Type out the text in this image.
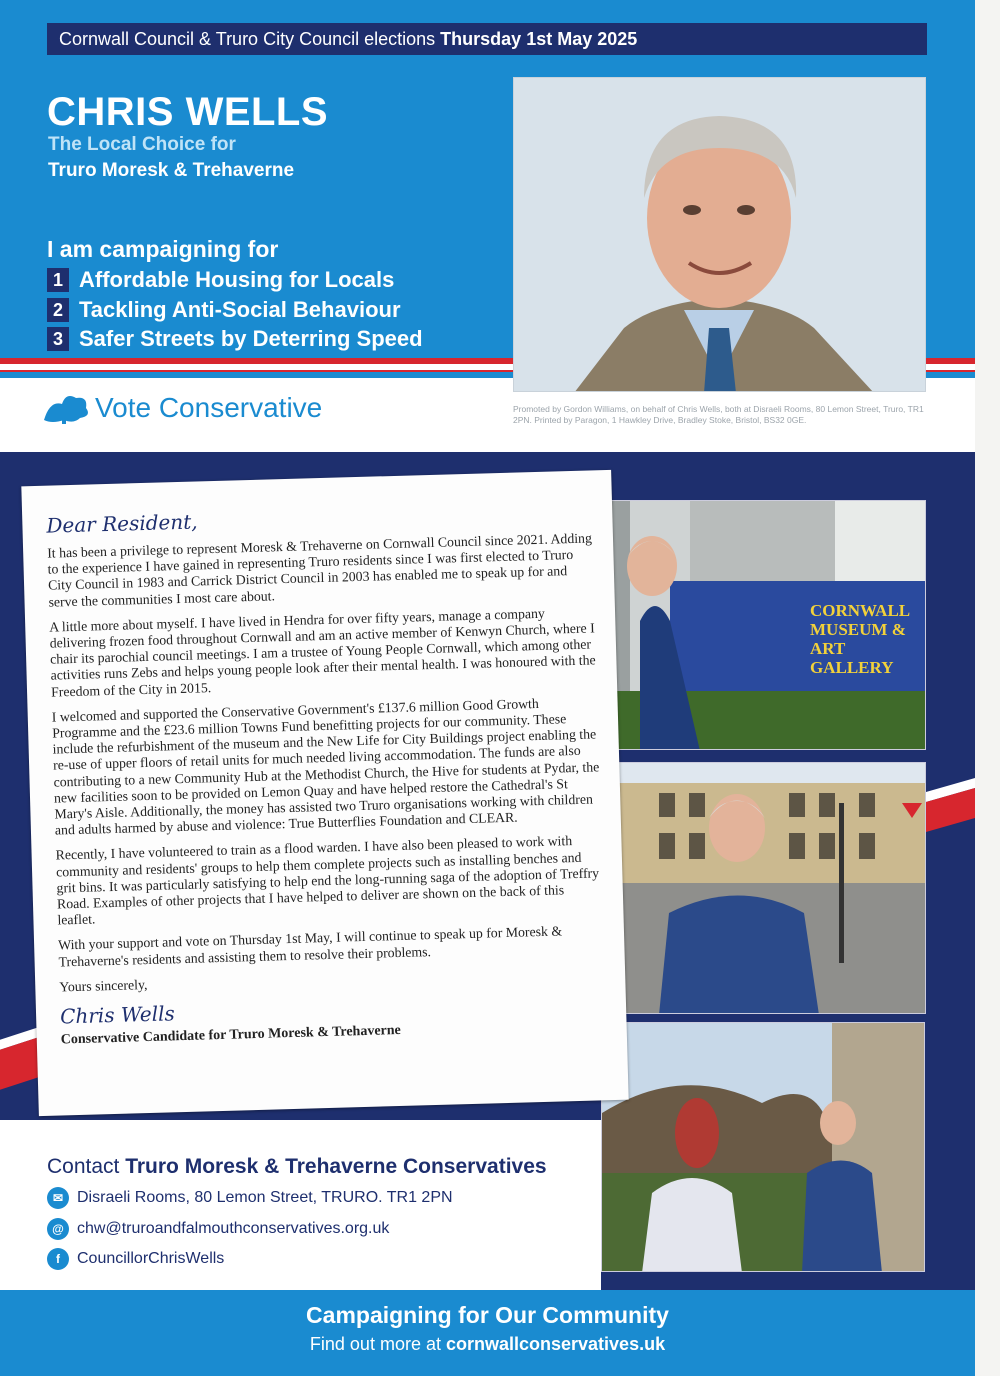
Cornwall Council & Truro City Council elections Thursday 1st May 2025
CHRIS WELLS
The Local Choice for
Truro Moresk & Trehaverne
I am campaigning for
1 Affordable Housing for Locals
2 Tackling Anti-Social Behaviour
3 Safer Streets by Deterring Speed
Vote Conservative	Promoted by Gordon Williams, on behalf of Chris Wells, both at Disraeli Rooms, 80 Lemon Street, Truro, TR1 2PN. Printed by Paragon, 1 Hawkley Drive, Bradley Stoke, Bristol, BS32 0GE.
CORNWALL MUSEUM & ART GALLERY
Dear Resident,

It has been a privilege to represent Moresk & Trehaverne on Cornwall Council since 2021. Adding to the experience I have gained in representing Truro residents since I was first elected to Truro City Council in 1983 and Carrick District Council in 2003 has enabled me to speak up for and serve the communities I most care about.

A little more about myself. I have lived in Hendra for over fifty years, manage a company delivering frozen food throughout Cornwall and am an active member of Kenwyn Church, where I chair its parochial council meetings. I am a trustee of Young People Cornwall, which among other activities runs Zebs and helps young people look after their mental health. I was honoured with the Freedom of the City in 2015.

I welcomed and supported the Conservative Government's £137.6 million Good Growth Programme and the £23.6 million Towns Fund benefitting projects for our community. These include the refurbishment of the museum and the New Life for City Buildings project enabling the re-use of upper floors of retail units for much needed living accommodation. The funds are also contributing to a new Community Hub at the Methodist Church, the Hive for students at Pydar, the new facilities soon to be provided on Lemon Quay and have helped restore the Cathedral's St Mary's Aisle. Additionally, the money has assisted two Truro organisations working with children and adults harmed by abuse and violence: True Butterflies Foundation and CLEAR.

Recently, I have volunteered to train as a flood warden. I have also been pleased to work with community and residents' groups to help them complete projects such as installing benches and grit bins. It was particularly satisfying to help end the long-running saga of the adoption of Treffry Road. Examples of other projects that I have helped to deliver are shown on the back of this leaflet.

With your support and vote on Thursday 1st May, I will continue to speak up for Moresk & Trehaverne's residents and assisting them to resolve their problems.

Yours sincerely,

Chris Wells
Conservative Candidate for Truro Moresk & Trehaverne
Contact Truro Moresk & Trehaverne Conservatives
✉ Disraeli Rooms, 80 Lemon Street, TRURO. TR1 2PN
@ chw@truroandfalmouthconservatives.org.uk
f	CouncillorChrisWells
Campaigning for Our Community
Find out more at cornwallconservatives.uk
